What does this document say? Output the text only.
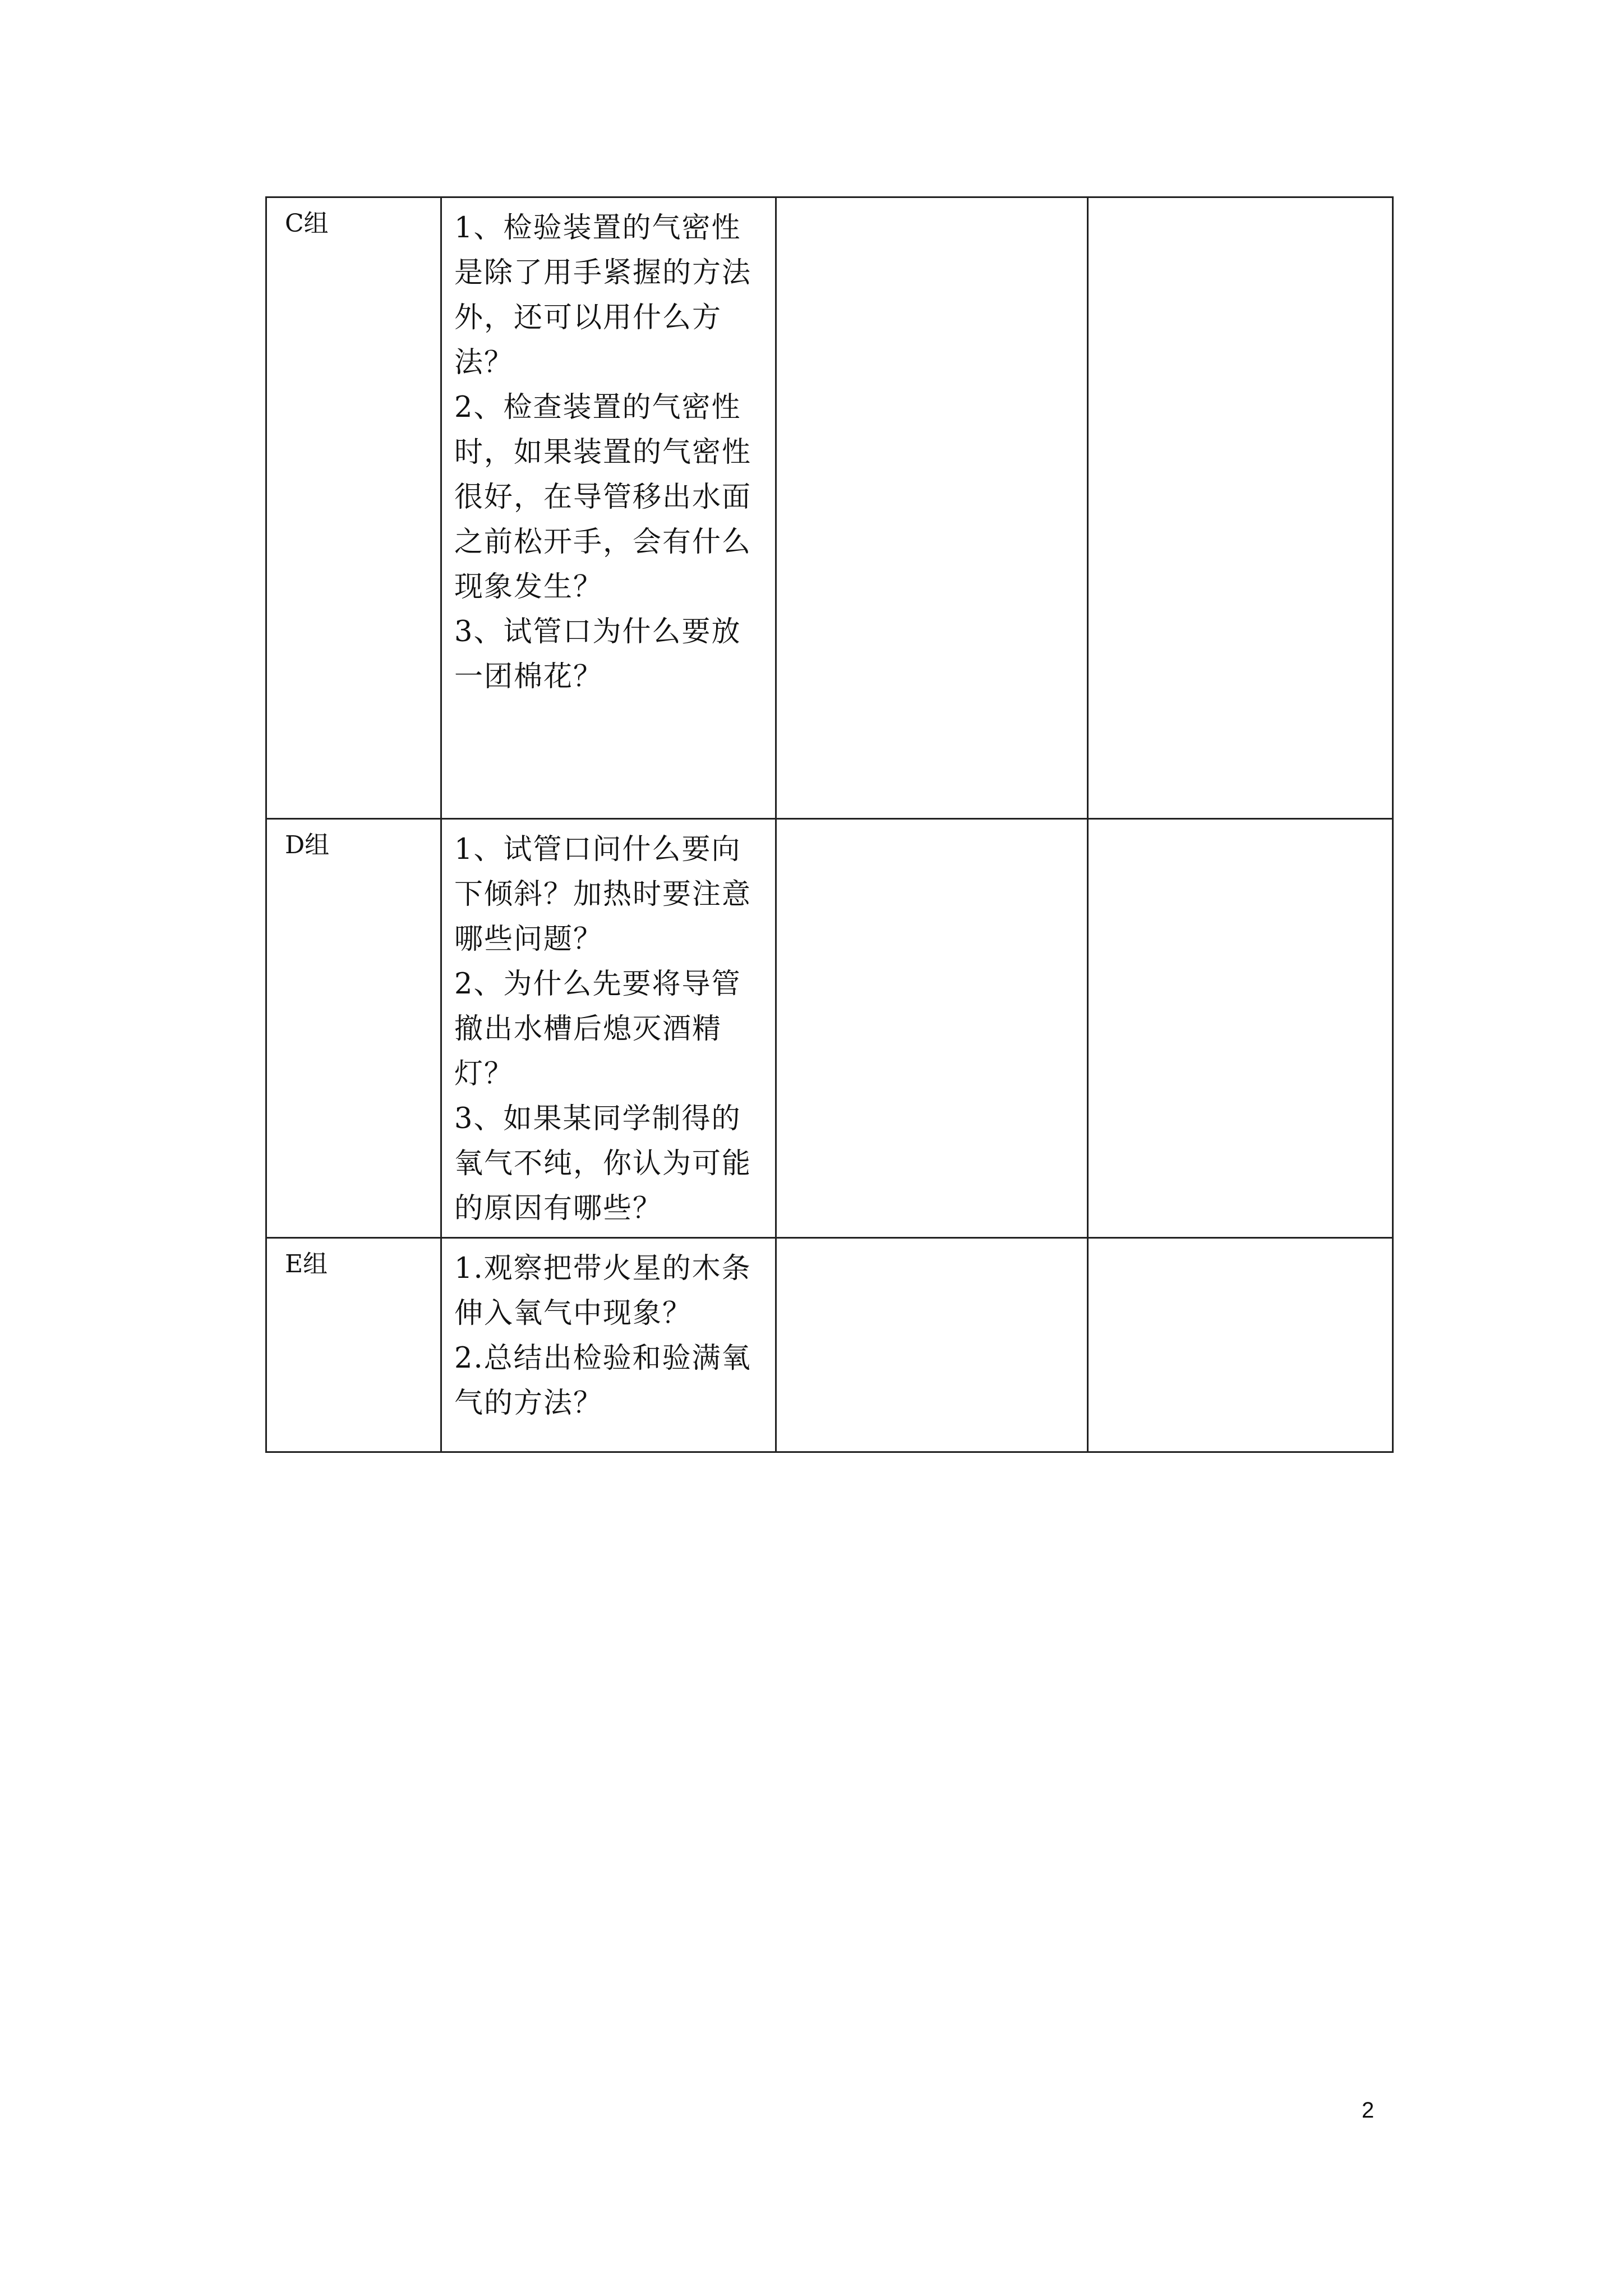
C组	1、检验装置的气密性是除了用手紧握的方法外，还可以用什么方法？

2、检查装置的气密性时，如果装置的气密性很好，在导管移出水面之前松开手，会有什么现象发生？

3、试管口为什么要放一团棉花？		

D组	1、试管口问什么要向下倾斜？加热时要注意哪些问题？

2、为什么先要将导管撤出水槽后熄灭酒精灯？

3、如果某同学制得的氧气不纯，你认为可能的原因有哪些？		

E组	1.观察把带火星的木条伸入氧气中现象？

2.总结出检验和验满氧气的方法？		

2
